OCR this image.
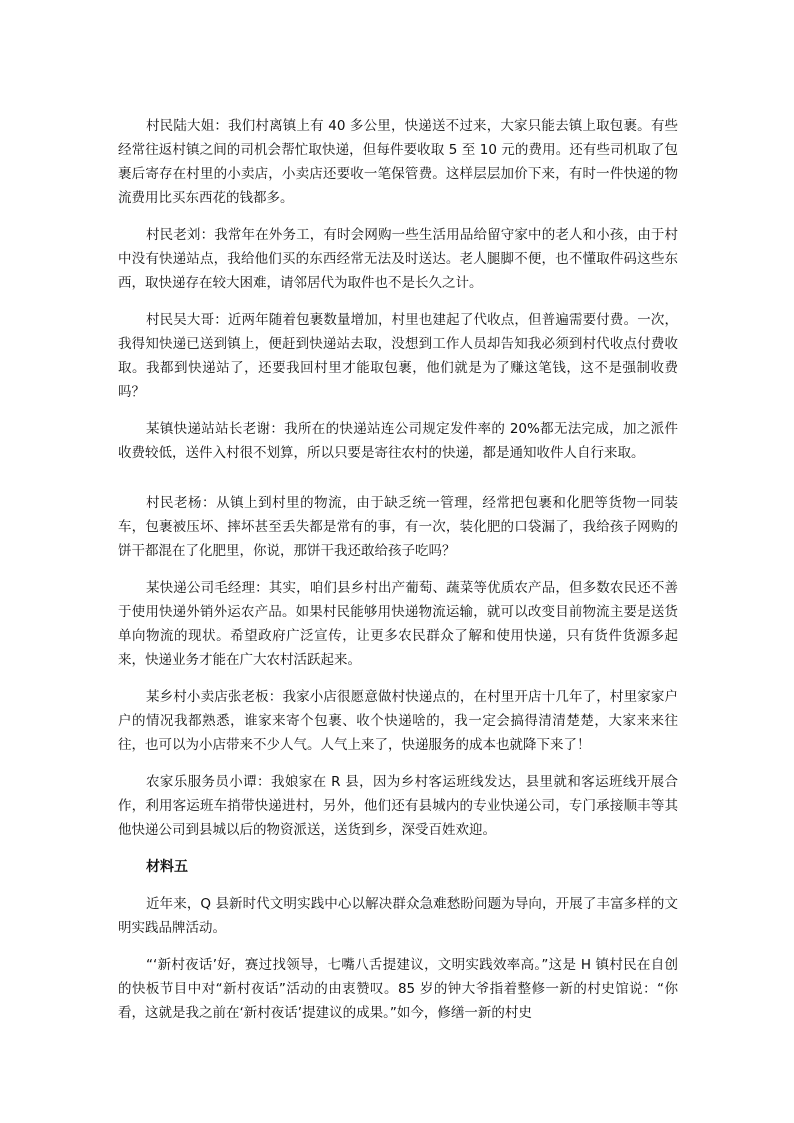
村民陆大姐：我们村离镇上有 40 多公里，快递送不过来，大家只能去镇上取包裹。有些经常往返村镇之间的司机会帮忙取快递，但每件要收取 5 至 10 元的费用。还有些司机取了包裹后寄存在村里的小卖店，小卖店还要收一笔保管费。这样层层加价下来，有时一件快递的物流费用比买东西花的钱都多。

村民老刘：我常年在外务工，有时会网购一些生活用品给留守家中的老人和小孩，由于村中没有快递站点，我给他们买的东西经常无法及时送达。老人腿脚不便，也不懂取件码这些东西，取快递存在较大困难，请邻居代为取件也不是长久之计。

村民吴大哥：近两年随着包裹数量增加，村里也建起了代收点，但普遍需要付费。一次，我得知快递已送到镇上，便赶到快递站去取，没想到工作人员却告知我必须到村代收点付费收取。我都到快递站了，还要我回村里才能取包裹，他们就是为了赚这笔钱，这不是强制收费吗？

某镇快递站站长老谢：我所在的快递站连公司规定发件率的 20%都无法完成，加之派件收费较低，送件入村很不划算，所以只要是寄往农村的快递，都是通知收件人自行来取。

村民老杨：从镇上到村里的物流，由于缺乏统一管理，经常把包裹和化肥等货物一同装车，包裹被压坏、摔坏甚至丢失都是常有的事，有一次，装化肥的口袋漏了，我给孩子网购的饼干都混在了化肥里，你说，那饼干我还敢给孩子吃吗？

某快递公司毛经理：其实，咱们县乡村出产葡萄、蔬菜等优质农产品，但多数农民还不善于使用快递外销外运农产品。如果村民能够用快递物流运输，就可以改变目前物流主要是送货单向物流的现状。希望政府广泛宣传，让更多农民群众了解和使用快递，只有货件货源多起来，快递业务才能在广大农村活跃起来。

某乡村小卖店张老板：我家小店很愿意做村快递点的，在村里开店十几年了，村里家家户户的情况我都熟悉，谁家来寄个包裹、收个快递啥的，我一定会搞得清清楚楚，大家来来往往，也可以为小店带来不少人气。人气上来了，快递服务的成本也就降下来了！

农家乐服务员小谭：我娘家在 R 县，因为乡村客运班线发达，县里就和客运班线开展合作，利用客运班车捎带快递进村，另外，他们还有县城内的专业快递公司，专门承接顺丰等其他快递公司到县城以后的物资派送，送货到乡，深受百姓欢迎。

材料五

近年来，Q 县新时代文明实践中心以解决群众急难愁盼问题为导向，开展了丰富多样的文明实践品牌活动。

“‘新村夜话’好，赛过找领导，七嘴八舌提建议，文明实践效率高。”这是 H 镇村民在自创的快板节目中对“新村夜话”活动的由衷赞叹。85 岁的钟大爷指着整修一新的村史馆说：“你看，这就是我之前在‘新村夜话’提建议的成果。”如今，修缮一新的村史
